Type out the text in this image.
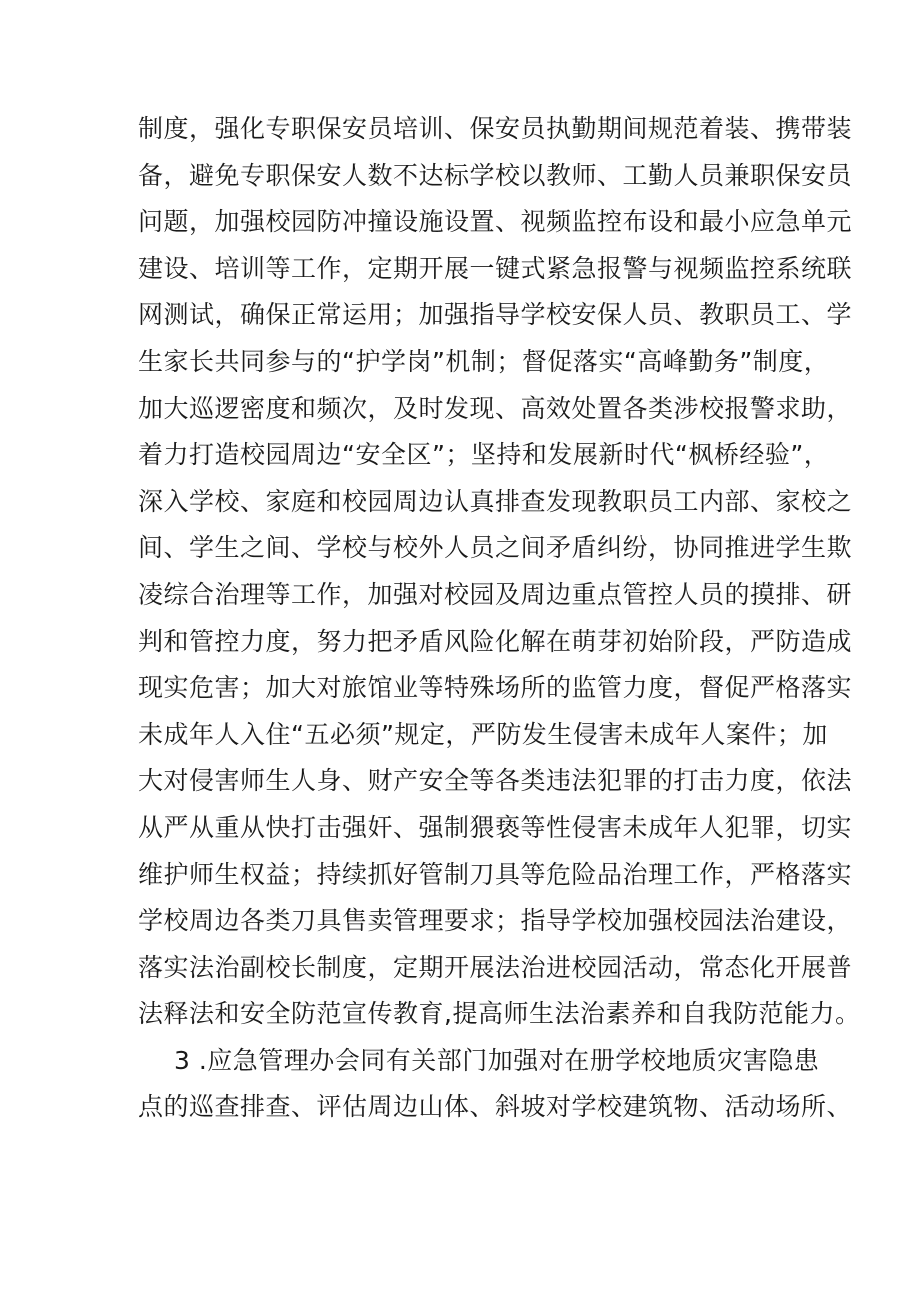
制度，强化专职保安员培训、保安员执勤期间规范着装、携带装
备，避免专职保安人数不达标学校以教师、工勤人员兼职保安员
问题，加强校园防冲撞设施设置、视频监控布设和最小应急单元
建设、培训等工作，定期开展一键式紧急报警与视频监控系统联
网测试，确保正常运用；加强指导学校安保人员、教职员工、学
生家长共同参与的“护学岗”机制；督促落实“高峰勤务”制度，
加大巡逻密度和频次，及时发现、高效处置各类涉校报警求助，
着力打造校园周边“安全区”；坚持和发展新时代“枫桥经验”，
深入学校、家庭和校园周边认真排查发现教职员工内部、家校之
间、学生之间、学校与校外人员之间矛盾纠纷，协同推进学生欺
凌综合治理等工作，加强对校园及周边重点管控人员的摸排、研
判和管控力度，努力把矛盾风险化解在萌芽初始阶段，严防造成
现实危害；加大对旅馆业等特殊场所的监管力度，督促严格落实
未成年人入住“五必须”规定，严防发生侵害未成年人案件；加
大对侵害师生人身、财产安全等各类违法犯罪的打击力度，依法
从严从重从快打击强奸、强制猥亵等性侵害未成年人犯罪，切实
维护师生权益；持续抓好管制刀具等危险品治理工作，严格落实
学校周边各类刀具售卖管理要求；指导学校加强校园法治建设，
落实法治副校长制度，定期开展法治进校园活动，常态化开展普
法释法和安全防范宣传教育,提高师生法治素养和自我防范能力。
3 .应急管理办会同有关部门加强对在册学校地质灾害隐患
点的巡查排查、评估周边山体、斜坡对学校建筑物、活动场所、
